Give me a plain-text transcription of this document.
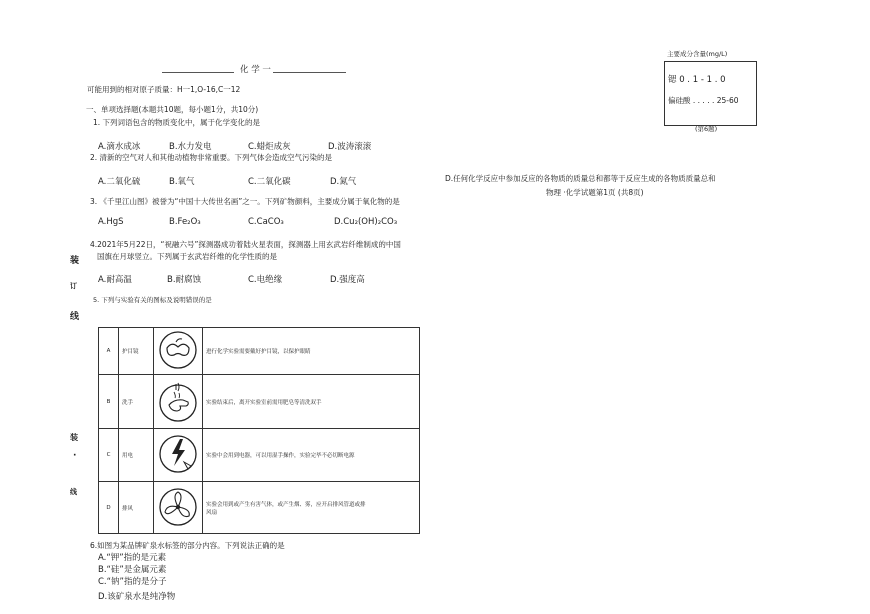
化 学 一
可能用到的相对原子质量：H一1,O-16,C一12
一、单项选择题(本题共10题，每小题1分，共10分)
1. 下列词语包含的物质变化中，属于化学变化的是
A.滴水成冰	B.水力发电	C.蜡炬成灰	D.波涛滚滚
2. 清新的空气对人和其他动植物非常重要。下列气体会造成空气污染的是
A.二氧化硫	B.氧气	C.二氧化碳	D.氮气
3. 《千里江山图》被誉为“中国十大传世名画”之一。下列矿物颜料，主要成分属于氧化物的是
A.HgS	B.Fe₂O₃	C.CaCO₃	D.Cu₂(OH)₂CO₃
4.2021年5月22日，“祝融六号”探测器成功着陆火星表面，探测器上用玄武岩纤维制成的中国
国旗在月球竖立。下列属于玄武岩纤维的化学性质的是
A.耐高温	B.耐腐蚀	C.电绝缘	D.强度高
5. 下列与实验有关的图标及说明错误的是
A	护目镜		进行化学实验需要戴好护目镜，以保护眼睛

B	洗手		实验结束后，离开实验室前需用肥皂等清洗双手

C	用电		实验中会用到电器，可以用湿手操作，实验完毕不必切断电源

D	排风		实验会用到或产生有害气体，或产生烟、雾，应开启排风管道或排
风扇
6.如图为某品牌矿泉水标签的部分内容。下列说法正确的是
A.“钾”指的是元素
B.“硅”是金属元素
C.“钠”指的是分子
D.该矿泉水是纯净物
装
订
线
装
·
线
主要成分含量(mg/L)
锶 0 . 1 - 1 . 0
偏硅酸 . . . . . 25-60
(第6题)
D.任何化学反应中参加反应的各物质的质量总和都等于反应生成的各物质质量总和
物理 ·化学试题第1页 (共8页)
